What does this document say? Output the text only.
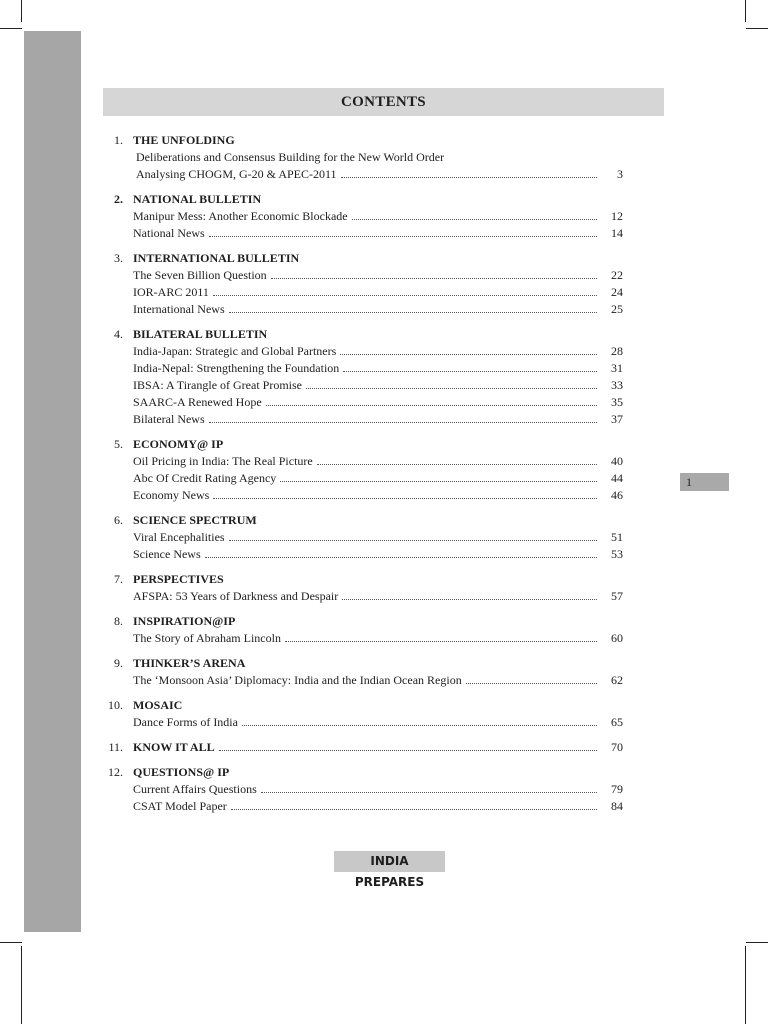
CONTENTS
1. THE UNFOLDING
Deliberations and Consensus Building for the New World Order
Analysing CHOGM, G-20 & APEC-2011	3
2. NATIONAL BULLETIN
Manipur Mess: Another Economic Blockade	12
National News	14
3. INTERNATIONAL BULLETIN
The Seven Billion Question	22
IOR-ARC 2011	24
International News	25
4. BILATERAL BULLETIN
India-Japan: Strategic and Global Partners	28
India-Nepal: Strengthening the Foundation	31
IBSA: A Tirangle of Great Promise	33
SAARC-A Renewed Hope	35
Bilateral News	37
5. ECONOMY@ IP
Oil Pricing in India: The Real Picture	40
Abc Of Credit Rating Agency	44
Economy News	46
6. SCIENCE SPECTRUM
Viral Encephalities	51
Science News	53
7. PERSPECTIVES
AFSPA: 53 Years of Darkness and Despair	57
8. INSPIRATION@IP
The Story of Abraham Lincoln	60
9. THINKER’S ARENA
The ‘Monsoon Asia’ Diplomacy: India and the Indian Ocean Region	62
10. MOSAIC
Dance Forms of India	65
11. KNOW IT ALL	70
12. QUESTIONS@ IP
Current Affairs Questions	79
CSAT Model Paper	84
1
INDIA PREPARES
